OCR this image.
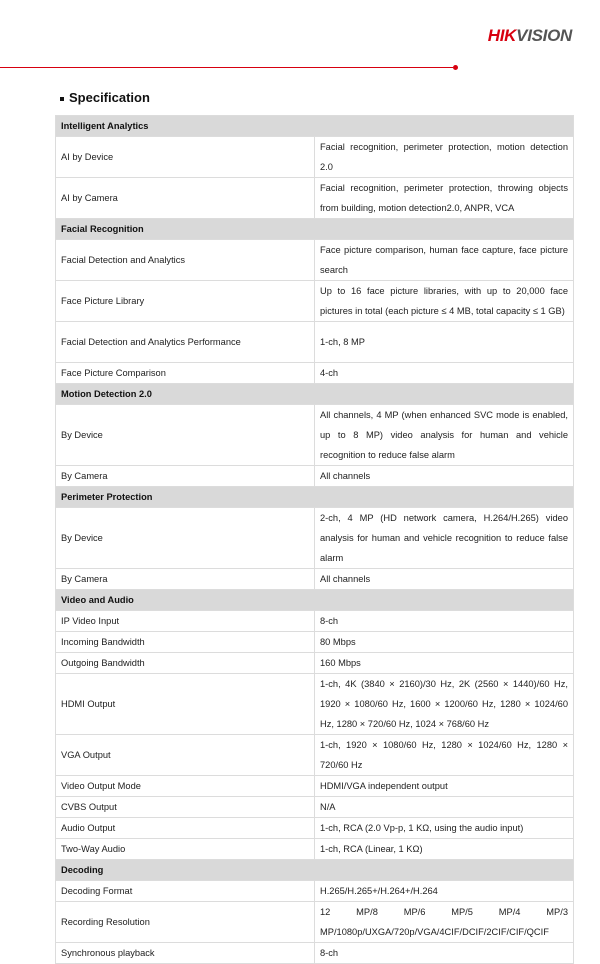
HIKVISION
Specification
Intelligent Analytics	
AI by Device	Facial recognition, perimeter protection, motion detection 2.0
AI by Camera	Facial recognition, perimeter protection, throwing objects from building, motion detection2.0, ANPR, VCA
Facial Recognition	
Facial Detection and Analytics	Face picture comparison, human face capture, face picture search
Face Picture Library	Up to 16 face picture libraries, with up to 20,000 face pictures in total (each picture ≤ 4 MB, total capacity ≤ 1 GB)
Facial Detection and Analytics Performance	1-ch, 8 MP
Face Picture Comparison	4-ch
Motion Detection 2.0	
By Device	All channels, 4 MP (when enhanced SVC mode is enabled, up to 8 MP) video analysis for human and vehicle recognition to reduce false alarm
By Camera	All channels
Perimeter Protection	
By Device	2-ch, 4 MP (HD network camera, H.264/H.265) video analysis for human and vehicle recognition to reduce false alarm
By Camera	All channels
Video and Audio	
IP Video Input	8-ch
Incoming Bandwidth	80 Mbps
Outgoing Bandwidth	160 Mbps
HDMI Output	1-ch, 4K (3840 × 2160)/30 Hz, 2K (2560 × 1440)/60 Hz, 1920 × 1080/60 Hz, 1600 × 1200/60 Hz, 1280 × 1024/60 Hz, 1280 × 720/60 Hz, 1024 × 768/60 Hz
VGA Output	1-ch, 1920 × 1080/60 Hz, 1280 × 1024/60 Hz, 1280 × 720/60 Hz
Video Output Mode	HDMI/VGA independent output
CVBS Output	N/A
Audio Output	1-ch, RCA (2.0 Vp-p, 1 KΩ, using the audio input)
Two-Way Audio	1-ch, RCA (Linear, 1 KΩ)
Decoding	
Decoding Format	H.265/H.265+/H.264+/H.264
Recording Resolution	12 MP/8 MP/6 MP/5 MP/4 MP/3 MP/1080p/UXGA/720p/VGA/4CIF/DCIF/2CIF/CIF/QCIF
Synchronous playback	8-ch
